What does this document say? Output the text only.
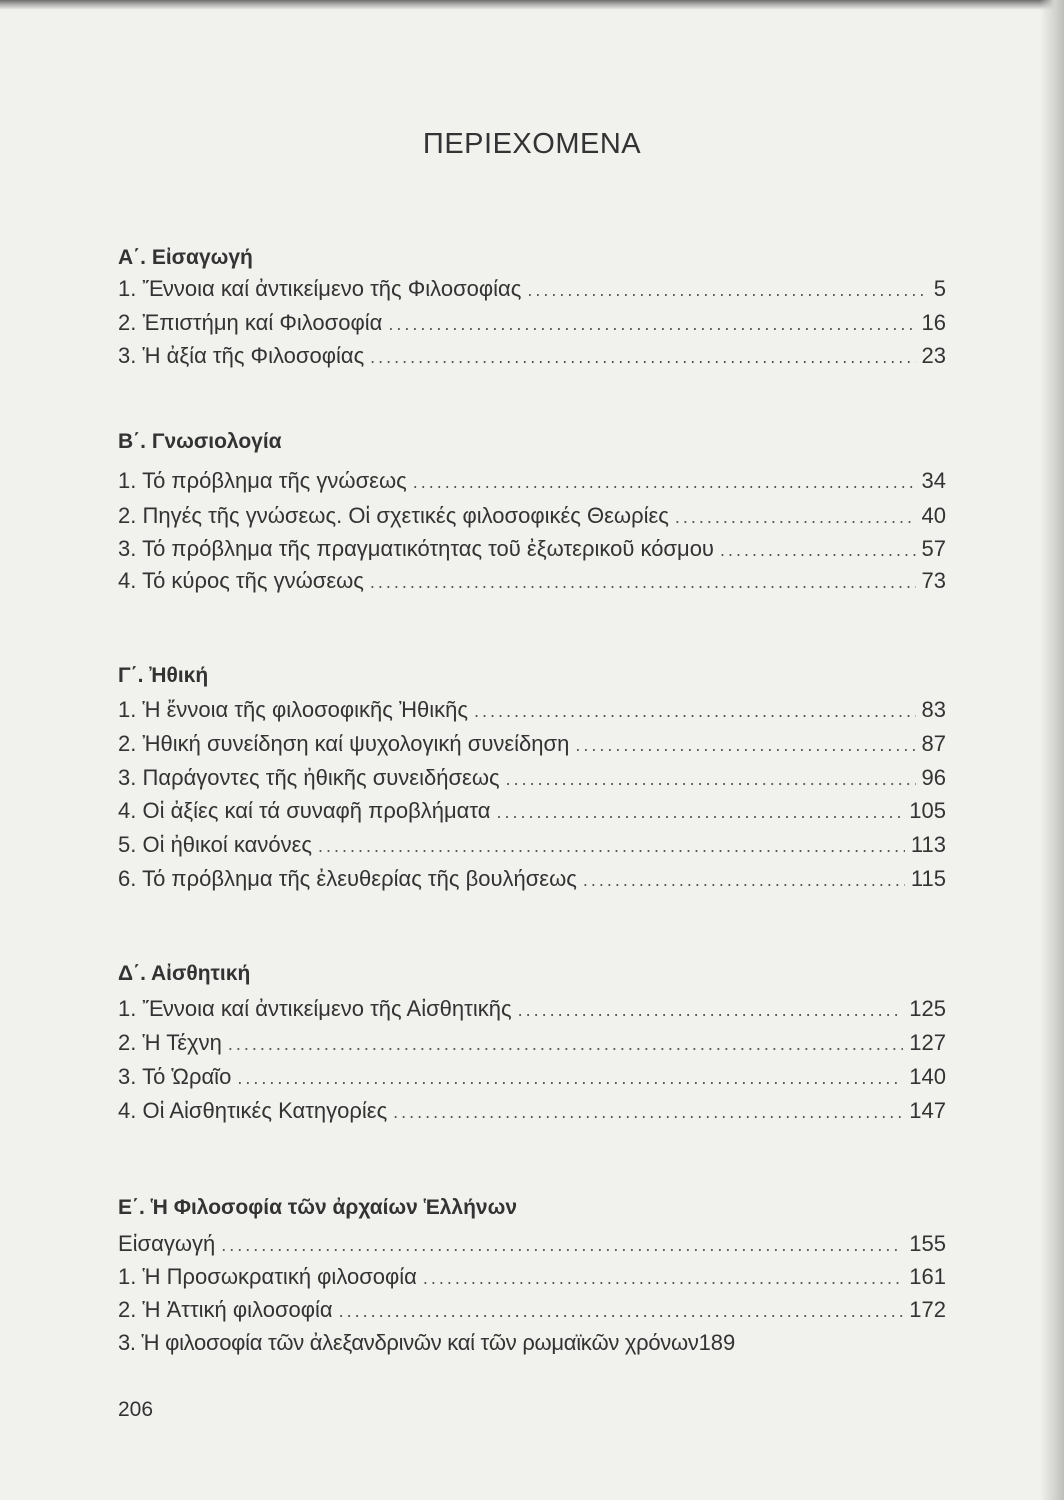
ΠΕΡΙΕΧΟΜΕΝΑ
Α΄. Εἰσαγωγή
1. Ἔννοια καί ἀντικείμενο τῆς Φιλοσοφίας .....	5
2. Ἐπιστήμη καί Φιλοσοφία .....	16
3. Ἡ ἀξία τῆς Φιλοσοφίας .....	23
Β΄. Γνωσιολογία
1. Τό πρόβλημα τῆς γνώσεως .....	34
2. Πηγές τῆς γνώσεως. Οἱ σχετικές φιλοσοφικές Θεωρίες .....	40
3. Τό πρόβλημα τῆς πραγματικότητας τοῦ ἐξωτερικοῦ κόσμου .....	57
4. Τό κύρος τῆς γνώσεως .....	73
Γ΄. Ἠθική
1. Ἡ ἔννοια τῆς φιλοσοφικῆς Ἠθικῆς .....	83
2. Ἠθική συνείδηση καί ψυχολογική συνείδηση .....	87
3. Παράγοντες τῆς ἠθικῆς συνειδήσεως .....	96
4. Οἱ ἀξίες καί τά συναφῆ προβλήματα .....	105
5. Οἱ ἠθικοί κανόνες .....	113
6. Τό πρόβλημα τῆς ἐλευθερίας τῆς βουλήσεως .....	115
Δ΄. Αἰσθητική
1. Ἔννοια καί ἀντικείμενο τῆς Αἰσθητικῆς .....	125
2. Ἡ Τέχνη .....	127
3. Τό Ὡραῖο .....	140
4. Οἱ Αἰσθητικές Κατηγορίες .....	147
Ε΄. Ἡ Φιλοσοφία τῶν ἀρχαίων Ἑλλήνων
Εἰσαγωγή .....	155
1. Ἡ Προσωκρατική φιλοσοφία .....	161
2. Ἡ Ἀττική φιλοσοφία .....	172
3. Ἡ φιλοσοφία τῶν ἀλεξανδρινῶν καί τῶν ρωμαϊκῶν χρόνων 189
206
